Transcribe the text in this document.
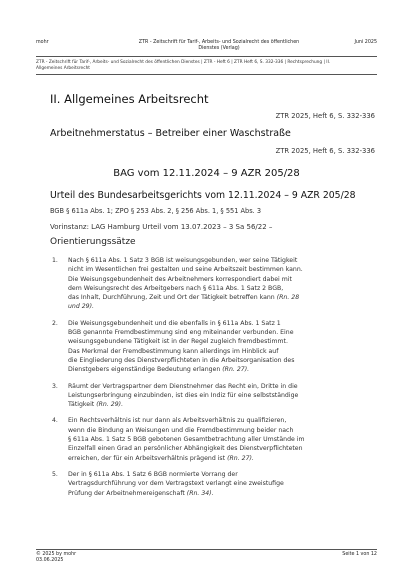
mohr	ZTR - Zeitschrift für Tarif-, Arbeits- und Sozialrecht des öffentlichen
Dienstes (Verlag)
Juni 2025
ZTR - Zeitschrift für Tarif-, Arbeits- und Sozialrecht des öffentlichen Dienstes | ZTR - Heft 6 | ZTR Heft 6, S. 332-336 | Rechtsprechung | II.
Allgemeines Arbeitsrecht
II. Allgemeines Arbeitsrecht
ZTR 2025, Heft 6, S. 332-336
Arbeitnehmerstatus – Betreiber einer Waschstraße
ZTR 2025, Heft 6, S. 332-336
BAG vom 12.11.2024 – 9 AZR 205/28
Urteil des Bundesarbeitsgerichts vom 12.11.2024 – 9 AZR 205/28
BGB § 611a Abs. 1; ZPO § 253 Abs. 2, § 256 Abs. 1, § 551 Abs. 3
Vorinstanz: LAG Hamburg Urteil vom 13.07.2023 – 3 Sa 56/22 –
Orientierungssätze
1. Nach § 611a Abs. 1 Satz 3 BGB ist weisungsgebunden, wer seine Tätigkeit
nicht im Wesentlichen frei gestalten und seine Arbeitszeit bestimmen kann.
Die Weisungsgebundenheit des Arbeitnehmers korrespondiert dabei mit
dem Weisungsrecht des Arbeitgebers nach § 611a Abs. 1 Satz 2 BGB,
das Inhalt, Durchführung, Zeit und Ort der Tätigkeit betreffen kann (Rn. 28
und 29).
2. Die Weisungsgebundenheit und die ebenfalls in § 611a Abs. 1 Satz 1
BGB genannte Fremdbestimmung sind eng miteinander verbunden. Eine
weisungsgebundene Tätigkeit ist in der Regel zugleich fremdbestimmt.
Das Merkmal der Fremdbestimmung kann allerdings im Hinblick auf
die Eingliederung des Dienstverpflichteten in die Arbeitsorganisation des
Dienstgebers eigenständige Bedeutung erlangen (Rn. 27).
3. Räumt der Vertragspartner dem Dienstnehmer das Recht ein, Dritte in die
Leistungserbringung einzubinden, ist dies ein Indiz für eine selbstständige
Tätigkeit (Rn. 29).
4. Ein Rechtsverhältnis ist nur dann als Arbeitsverhältnis zu qualifizieren,
wenn die Bindung an Weisungen und die Fremdbestimmung beider nach
§ 611a Abs. 1 Satz 5 BGB gebotenen Gesamtbetrachtung aller Umstände im
Einzelfall einen Grad an persönlicher Abhängigkeit des Dienstverpflichteten
erreichen, der für ein Arbeitsverhältnis prägend ist (Rn. 27).
5. Der in § 611a Abs. 1 Satz 6 BGB normierte Vorrang der
Vertragsdurchführung vor dem Vertragstext verlangt eine zweistufige
Prüfung der Arbeitnehmereigenschaft (Rn. 34).
© 2025 by mohr
03.06.2025
Seite 1 von 12
